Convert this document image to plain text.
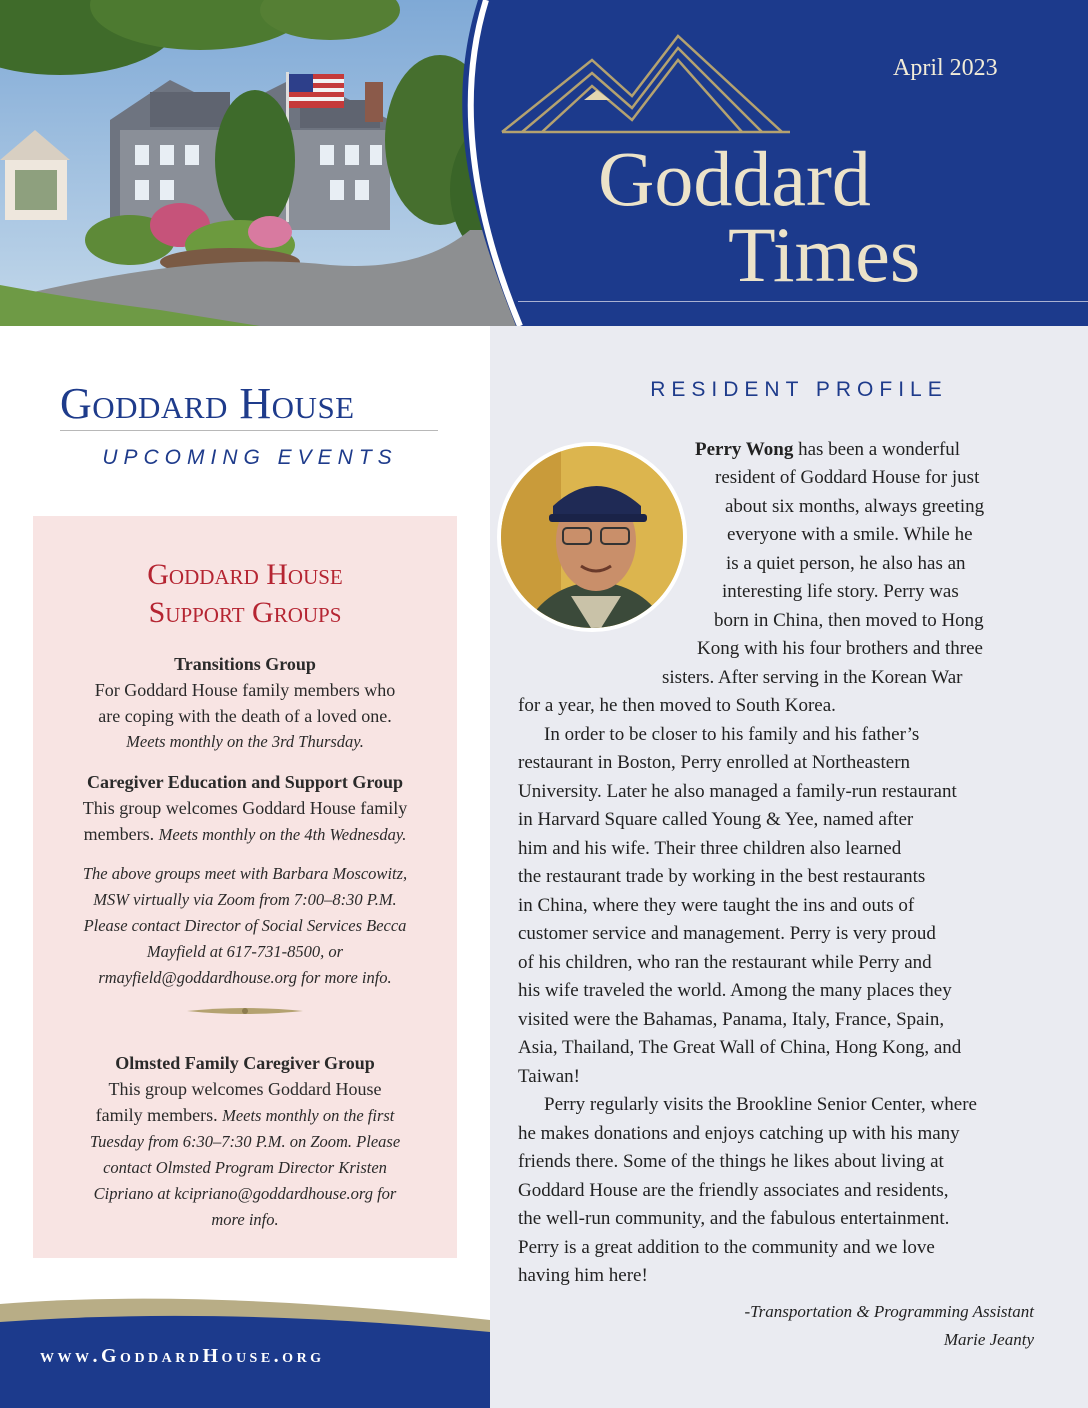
April 2023
Goddard
Times
Goddard House
UPCOMING EVENTS
Goddard House
Support Groups
Transitions Group
For Goddard House family members who
are coping with the death of a loved one.
Meets monthly on the 3rd Thursday.
Caregiver Education and Support Group
This group welcomes Goddard House family
members. Meets monthly on the 4th Wednesday.
The above groups meet with Barbara Moscowitz,
MSW virtually via Zoom from 7:00–8:30 P.M.
Please contact Director of Social Services Becca
Mayfield at 617-731-8500, or
rmayfield@goddardhouse.org for more info.
Olmsted Family Caregiver Group
This group welcomes Goddard House
family members. Meets monthly on the first
Tuesday from 6:30–7:30 P.M. on Zoom. Please
contact Olmsted Program Director Kristen
Cipriano at kcipriano@goddardhouse.org for
more info.
www.GoddardHouse.org
RESIDENT PROFILE
Perry Wong has been a wonderful
resident of Goddard House for just
about six months, always greeting
everyone with a smile. While he
is a quiet person, he also has an
interesting life story. Perry was
born in China, then moved to Hong
Kong with his four brothers and three
sisters. After serving in the Korean War
for a year, he then moved to South Korea.
In order to be closer to his family and his father’s
restaurant in Boston, Perry enrolled at Northeastern
University. Later he also managed a family-run restaurant
in Harvard Square called Young & Yee, named after
him and his wife. Their three children also learned
the restaurant trade by working in the best restaurants
in China, where they were taught the ins and outs of
customer service and management. Perry is very proud
of his children, who ran the restaurant while Perry and
his wife traveled the world. Among the many places they
visited were the Bahamas, Panama, Italy, France, Spain,
Asia, Thailand, The Great Wall of China, Hong Kong, and
Taiwan!
Perry regularly visits the Brookline Senior Center, where
he makes donations and enjoys catching up with his many
friends there. Some of the things he likes about living at
Goddard House are the friendly associates and residents,
the well-run community, and the fabulous entertainment.
Perry is a great addition to the community and we love
having him here!
-Transportation & Programming Assistant
Marie Jeanty
